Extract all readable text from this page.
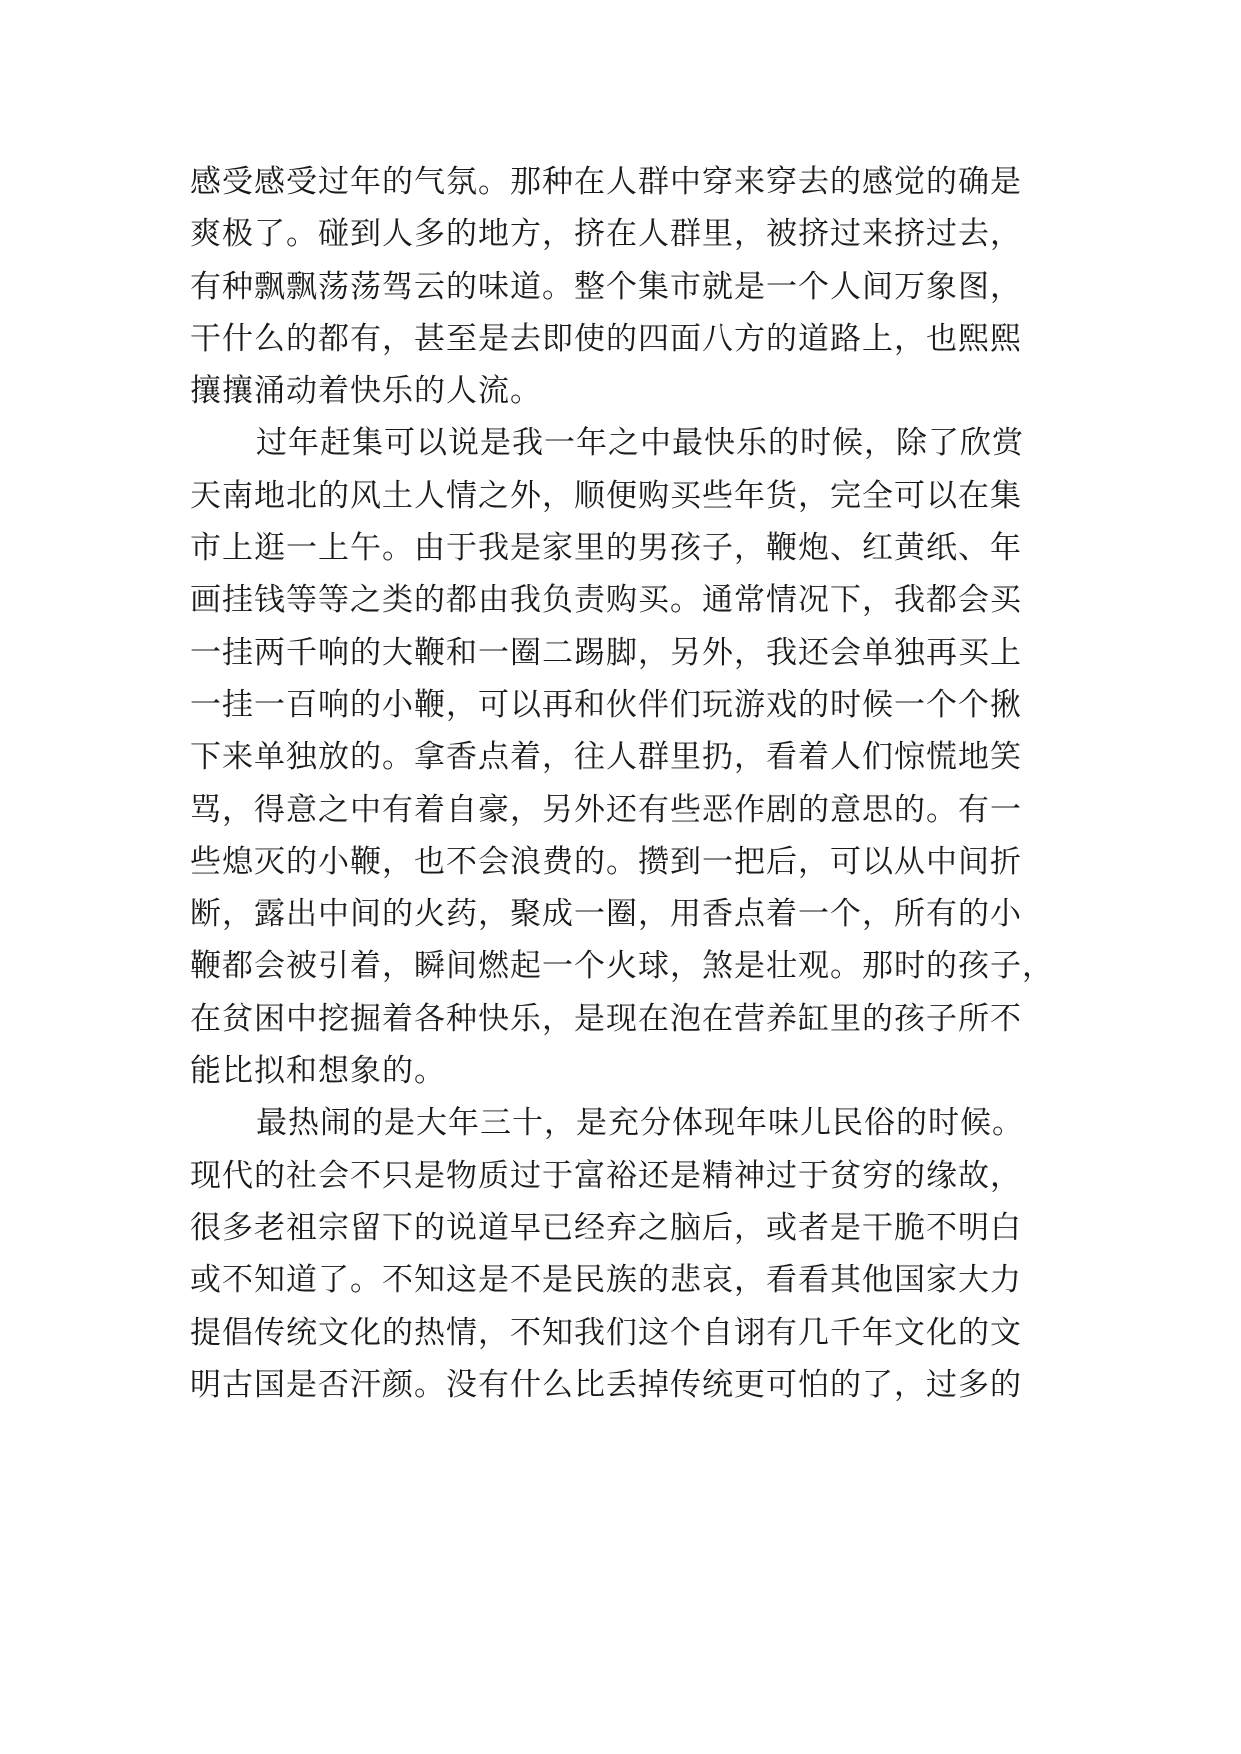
感受感受过年的气氛。那种在人群中穿来穿去的感觉的确是
爽极了。碰到人多的地方，挤在人群里，被挤过来挤过去，
有种飘飘荡荡驾云的味道。整个集市就是一个人间万象图，
干什么的都有，甚至是去即使的四面八方的道路上，也熙熙
攘攘涌动着快乐的人流。
过年赶集可以说是我一年之中最快乐的时候，除了欣赏
天南地北的风土人情之外，顺便购买些年货，完全可以在集
市上逛一上午。由于我是家里的男孩子，鞭炮、红黄纸、年
画挂钱等等之类的都由我负责购买。通常情况下，我都会买
一挂两千响的大鞭和一圈二踢脚，另外，我还会单独再买上
一挂一百响的小鞭，可以再和伙伴们玩游戏的时候一个个揪
下来单独放的。拿香点着，往人群里扔，看着人们惊慌地笑
骂，得意之中有着自豪，另外还有些恶作剧的意思的。有一
些熄灭的小鞭，也不会浪费的。攒到一把后，可以从中间折
断，露出中间的火药，聚成一圈，用香点着一个，所有的小
鞭都会被引着，瞬间燃起一个火球，煞是壮观。那时的孩子，
在贫困中挖掘着各种快乐，是现在泡在营养缸里的孩子所不
能比拟和想象的。
最热闹的是大年三十，是充分体现年味儿民俗的时候。
现代的社会不只是物质过于富裕还是精神过于贫穷的缘故，
很多老祖宗留下的说道早已经弃之脑后，或者是干脆不明白
或不知道了。不知这是不是民族的悲哀，看看其他国家大力
提倡传统文化的热情，不知我们这个自诩有几千年文化的文
明古国是否汗颜。没有什么比丢掉传统更可怕的了，过多的
